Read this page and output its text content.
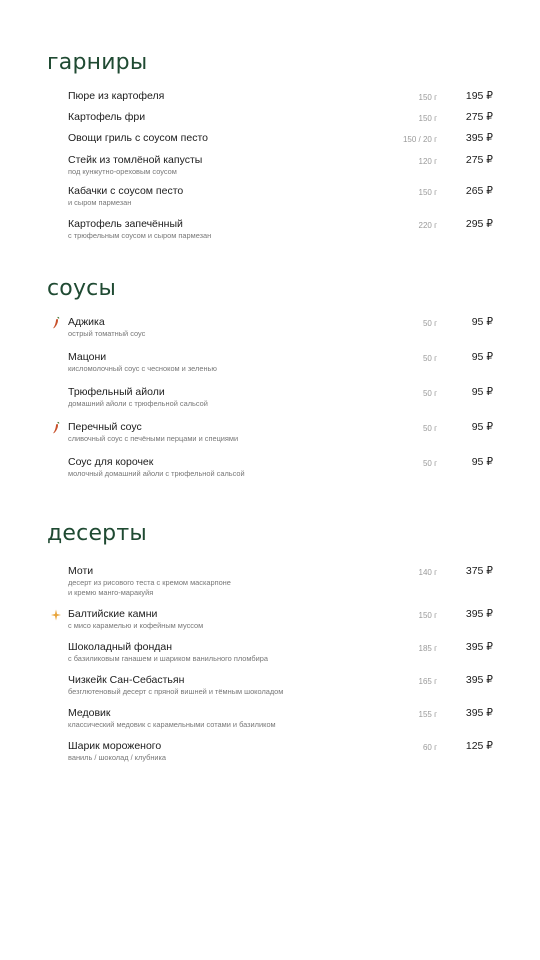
гарниры
Пюре из картофеля	150 г	195 ₽
Картофель фри	150 г	275 ₽
Овощи гриль с соусом песто	150 / 20 г	395 ₽
Стейк из томлёной капусты
под кунжутно-ореховым соусом
120 г	275 ₽
Кабачки с соусом песто
и сыром пармезан
150 г	265 ₽
Картофель запечённый
с трюфельным соусом и сыром пармезан
220 г	295 ₽
соусы
Аджика
острый томатный соус
50 г	95 ₽
Мацони
кисломолочный соус с чесноком и зеленью
50 г	95 ₽
Трюфельный айоли
домашний айоли с трюфельной сальсой
50 г	95 ₽
Перечный соус
сливочный соус с печёными перцами и специями
50 г	95 ₽
Соус для корочек
молочный домашний айоли с трюфельной сальсой
50 г	95 ₽
десерты
Моти
десерт из рисового теста с кремом маскарпоне
и кремю манго-маракуйя
140 г	375 ₽
Балтийские камни
с мисо карамелью и кофейным муссом
150 г	395 ₽
Шоколадный фондан
с базиликовым ганашем и шариком ванильного пломбира
185 г	395 ₽
Чизкейк Сан-Себастьян
безглютеновый десерт с пряной вишней и тёмным шоколадом
165 г	395 ₽
Медовик
классический медовик с карамельными сотами и базиликом
155 г	395 ₽
Шарик мороженого
ваниль / шоколад / клубника
60 г	125 ₽
